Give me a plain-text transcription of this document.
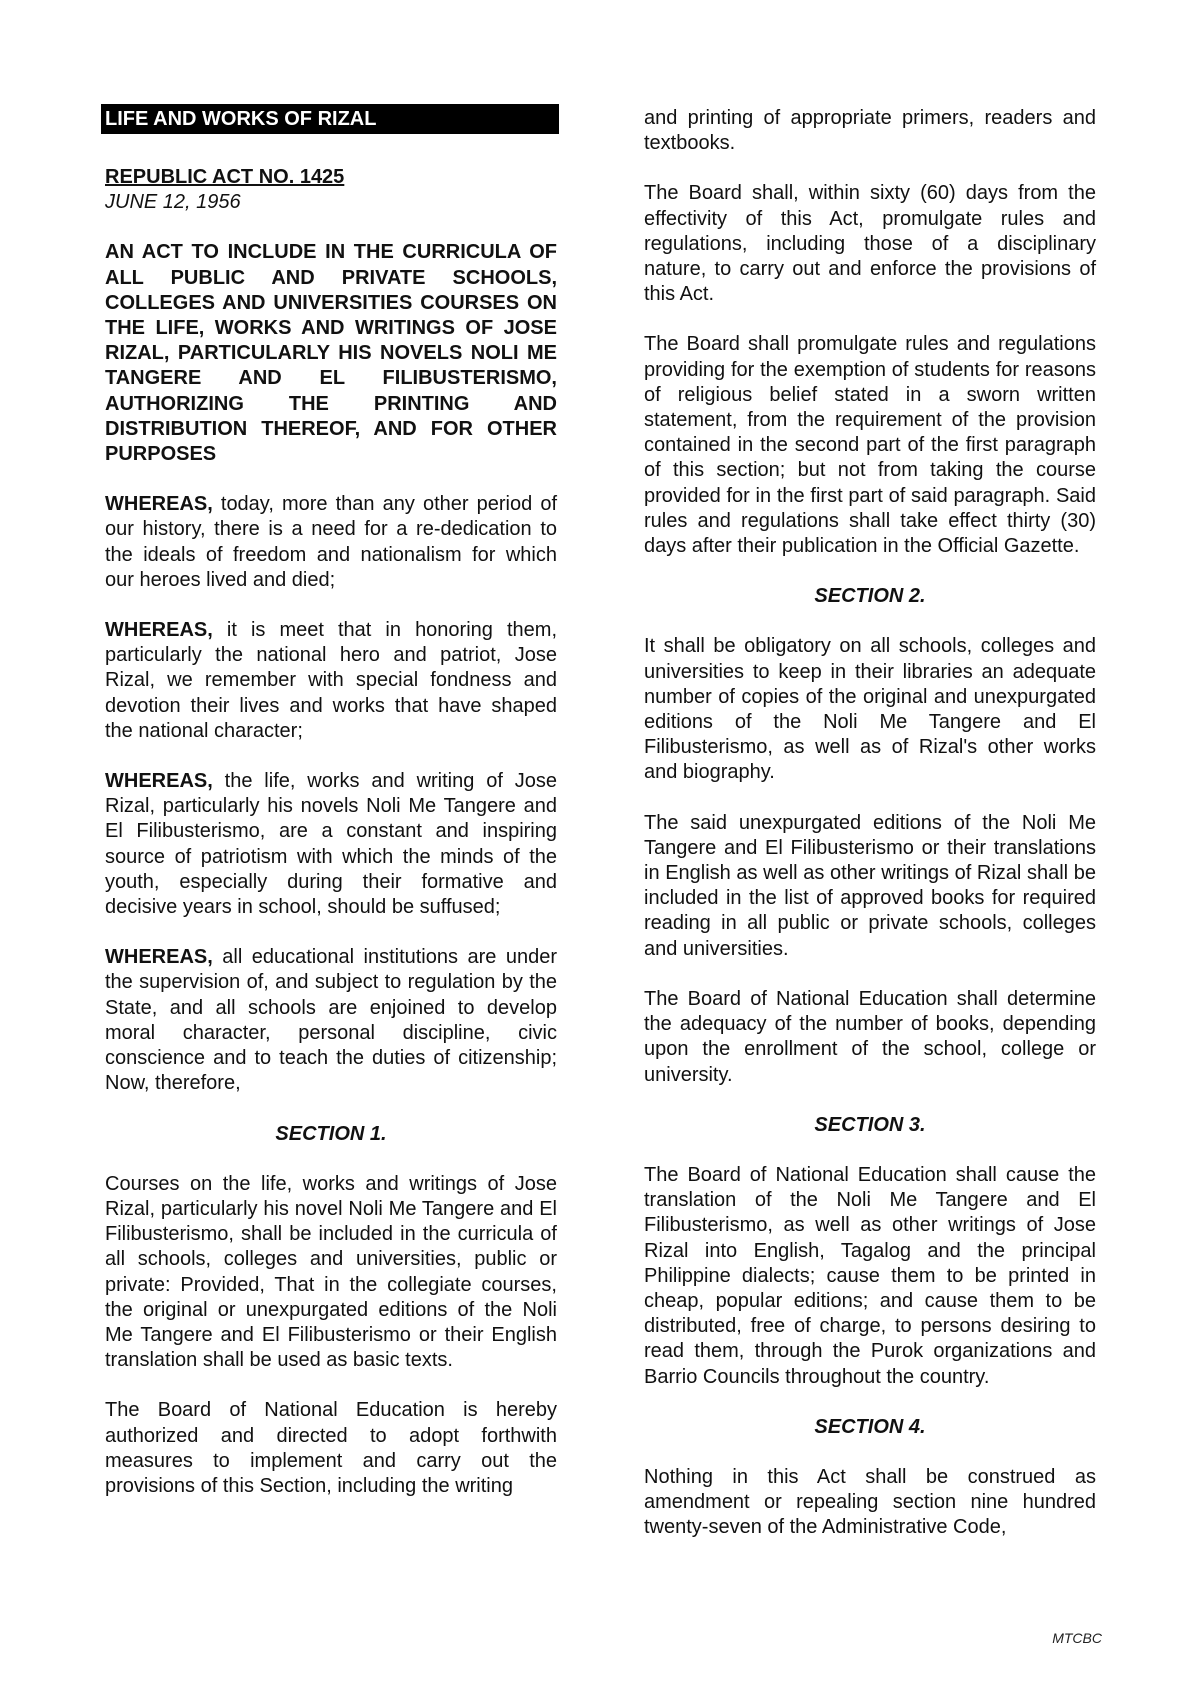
LIFE AND WORKS OF RIZAL
REPUBLIC ACT NO. 1425
JUNE 12, 1956
AN ACT TO INCLUDE IN THE CURRICULA OF ALL PUBLIC AND PRIVATE SCHOOLS, COLLEGES AND UNIVERSITIES COURSES ON THE LIFE, WORKS AND WRITINGS OF JOSE RIZAL, PARTICULARLY HIS NOVELS NOLI ME TANGERE AND EL FILIBUSTERISMO, AUTHORIZING THE PRINTING AND DISTRIBUTION THEREOF, AND FOR OTHER PURPOSES

WHEREAS, today, more than any other period of our history, there is a need for a re-dedication to the ideals of freedom and nationalism for which our heroes lived and died;

WHEREAS, it is meet that in honoring them, particularly the national hero and patriot, Jose Rizal, we remember with special fondness and devotion their lives and works that have shaped the national character;

WHEREAS, the life, works and writing of Jose Rizal, particularly his novels Noli Me Tangere and El Filibusterismo, are a constant and inspiring source of patriotism with which the minds of the youth, especially during their formative and decisive years in school, should be suffused;

WHEREAS, all educational institutions are under the supervision of, and subject to regulation by the State, and all schools are enjoined to develop moral character, personal discipline, civic conscience and to teach the duties of citizenship; Now, therefore,

SECTION 1.

Courses on the life, works and writings of Jose Rizal, particularly his novel Noli Me Tangere and El Filibusterismo, shall be included in the curricula of all schools, colleges and universities, public or private: Provided, That in the collegiate courses, the original or unexpurgated editions of the Noli Me Tangere and El Filibusterismo or their English translation shall be used as basic texts.

The Board of National Education is hereby authorized and directed to adopt forthwith measures to implement and carry out the provisions of this Section, including the writing

and printing of appropriate primers, readers and textbooks.

The Board shall, within sixty (60) days from the effectivity of this Act, promulgate rules and regulations, including those of a disciplinary nature, to carry out and enforce the provisions of this Act.

The Board shall promulgate rules and regulations providing for the exemption of students for reasons of religious belief stated in a sworn written statement, from the requirement of the provision contained in the second part of the first paragraph of this section; but not from taking the course provided for in the first part of said paragraph. Said rules and regulations shall take effect thirty (30) days after their publication in the Official Gazette.

SECTION 2.

It shall be obligatory on all schools, colleges and universities to keep in their libraries an adequate number of copies of the original and unexpurgated editions of the Noli Me Tangere and El Filibusterismo, as well as of Rizal's other works and biography.

The said unexpurgated editions of the Noli Me Tangere and El Filibusterismo or their translations in English as well as other writings of Rizal shall be included in the list of approved books for required reading in all public or private schools, colleges and universities.

The Board of National Education shall determine the adequacy of the number of books, depending upon the enrollment of the school, college or university.

SECTION 3.

The Board of National Education shall cause the translation of the Noli Me Tangere and El Filibusterismo, as well as other writings of Jose Rizal into English, Tagalog and the principal Philippine dialects; cause them to be printed in cheap, popular editions; and cause them to be distributed, free of charge, to persons desiring to read them, through the Purok organizations and Barrio Councils throughout the country.

SECTION 4.

Nothing in this Act shall be construed as amendment or repealing section nine hundred twenty-seven of the Administrative Code,

MTCBC
